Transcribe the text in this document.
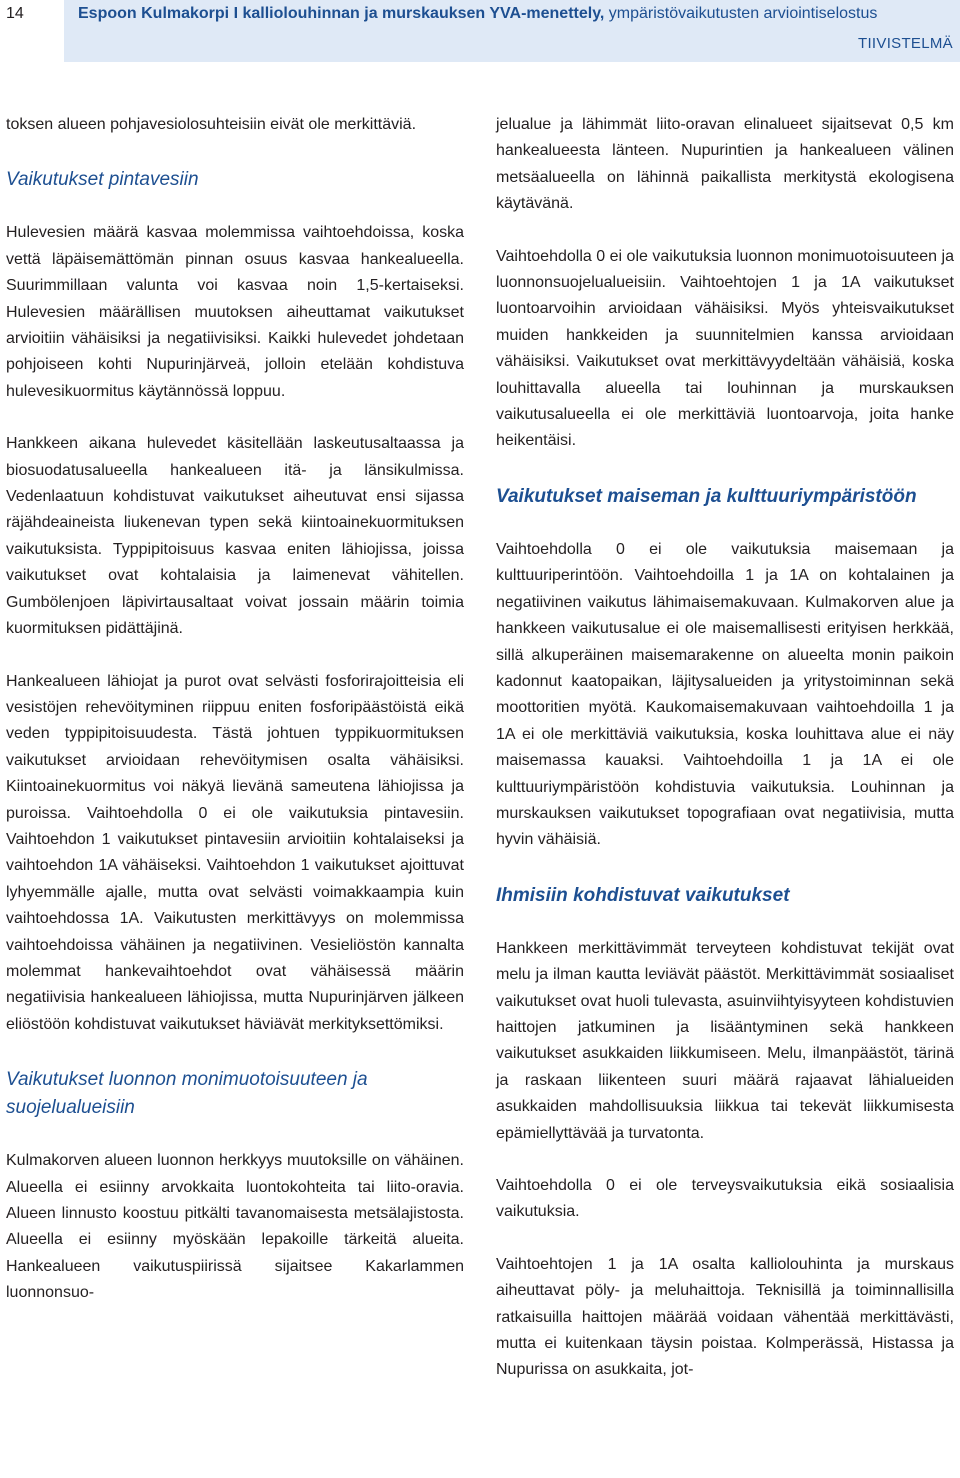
14	Espoon Kulmakorpi I kalliolouhinnan ja murskauksen YVA-menettely, ympäristövaikutusten arviointiselostus
TIIVISTELMÄ

toksen alueen pohjavesiolosuhteisiin eivät ole merkittäviä.

Vaikutukset pintavesiin

Hulevesien määrä kasvaa molemmissa vaihtoehdoissa, koska vettä läpäisemättömän pinnan osuus kasvaa hankealueella. Suurimmillaan valunta voi kasvaa noin 1,5-kertaiseksi. Hulevesien määrällisen muutoksen aiheuttamat vaikutukset arvioitiin vähäisiksi ja negatiivisiksi. Kaikki hulevedet johdetaan pohjoiseen kohti Nupurinjärveä, jolloin etelään kohdistuva hulevesikuormitus käytännössä loppuu.

Hankkeen aikana hulevedet käsitellään laskeutusaltaassa ja biosuodatusalueella hankealueen itä- ja länsikulmissa. Vedenlaatuun kohdistuvat vaikutukset aiheutuvat ensi sijassa räjähdeaineista liukenevan typen sekä kiintoainekuormituksen vaikutuksista. Typpipitoisuus kasvaa eniten lähiojissa, joissa vaikutukset ovat kohtalaisia ja laimenevat vähitellen. Gumbölenjoen läpivirtausaltaat voivat jossain määrin toimia kuormituksen pidättäjinä.

Hankealueen lähiojat ja purot ovat selvästi fosforirajoitteisia eli vesistöjen rehevöityminen riippuu eniten fosforipäästöistä eikä veden typpipitoisuudesta. Tästä johtuen typpikuormituksen vaikutukset arvioidaan rehevöitymisen osalta vähäisiksi. Kiintoainekuormitus voi näkyä lievänä sameutena lähiojissa ja puroissa. Vaihtoehdolla 0 ei ole vaikutuksia pintavesiin. Vaihtoehdon 1 vaikutukset pintavesiin arvioitiin kohtalaiseksi ja vaihtoehdon 1A vähäiseksi. Vaihtoehdon 1 vaikutukset ajoittuvat lyhyemmälle ajalle, mutta ovat selvästi voimakkaampia kuin vaihtoehdossa 1A. Vaikutusten merkittävyys on molemmissa vaihtoehdoissa vähäinen ja negatiivinen. Vesieliöstön kannalta molemmat hankevaihtoehdot ovat vähäisessä määrin negatiivisia hankealueen lähiojissa, mutta Nupurinjärven jälkeen eliöstöön kohdistuvat vaikutukset häviävät merkityksettömiksi.

Vaikutukset luonnon monimuotoisuuteen ja suojelualueisiin

Kulmakorven alueen luonnon herkkyys muutoksille on vähäinen. Alueella ei esiinny arvokkaita luontokohteita tai liito-oravia. Alueen linnusto koostuu pitkälti tavanomaisesta metsälajistosta. Alueella ei esiinny myöskään lepakoille tärkeitä alueita. Hankealueen vaikutuspiirissä sijaitsee Kakarlammen luonnonsuo-

jelualue ja lähimmät liito-oravan elinalueet sijaitsevat 0,5 km hankealueesta länteen. Nupurintien ja hankealueen välinen metsäalueella on lähinnä paikallista merkitystä ekologisena käytävänä.

Vaihtoehdolla 0 ei ole vaikutuksia luonnon monimuotoisuuteen ja luonnonsuojelualueisiin. Vaihtoehtojen 1 ja 1A vaikutukset luontoarvoihin arvioidaan vähäisiksi. Myös yhteisvaikutukset muiden hankkeiden ja suunnitelmien kanssa arvioidaan vähäisiksi. Vaikutukset ovat merkittävyydeltään vähäisiä, koska louhittavalla alueella tai louhinnan ja murskauksen vaikutusalueella ei ole merkittäviä luontoarvoja, joita hanke heikentäisi.

Vaikutukset maiseman ja kulttuuriympäristöön

Vaihtoehdolla 0 ei ole vaikutuksia maisemaan ja kulttuuriperintöön. Vaihtoehdoilla 1 ja 1A on kohtalainen ja negatiivinen vaikutus lähimaisemakuvaan. Kulmakorven alue ja hankkeen vaikutusalue ei ole maisemallisesti erityisen herkkää, sillä alkuperäinen maisemarakenne on alueelta monin paikoin kadonnut kaatopaikan, läjitysalueiden ja yritystoiminnan sekä moottoritien myötä. Kaukomaisemakuvaan vaihtoehdoilla 1 ja 1A ei ole merkittäviä vaikutuksia, koska louhittava alue ei näy maisemassa kauaksi. Vaihtoehdoilla 1 ja 1A ei ole kulttuuriympäristöön kohdistuvia vaikutuksia. Louhinnan ja murskauksen vaikutukset topografiaan ovat negatiivisia, mutta hyvin vähäisiä.

Ihmisiin kohdistuvat vaikutukset

Hankkeen merkittävimmät terveyteen kohdistuvat tekijät ovat melu ja ilman kautta leviävät päästöt. Merkittävimmät sosiaaliset vaikutukset ovat huoli tulevasta, asuinviihtyisyyteen kohdistuvien haittojen jatkuminen ja lisääntyminen sekä hankkeen vaikutukset asukkaiden liikkumiseen. Melu, ilmanpäästöt, tärinä ja raskaan liikenteen suuri määrä rajaavat lähialueiden asukkaiden mahdollisuuksia liikkua tai tekevät liikkumisesta epämiellyttävää ja turvatonta.

Vaihtoehdolla 0 ei ole terveysvaikutuksia eikä sosiaalisia vaikutuksia.

Vaihtoehtojen 1 ja 1A osalta kalliolouhinta ja murskaus aiheuttavat pöly- ja meluhaittoja. Teknisillä ja toiminnallisilla ratkaisuilla haittojen määrää voidaan vähentää merkittävästi, mutta ei kuitenkaan täysin poistaa. Kolmperässä, Histassa ja Nupurissa on asukkaita, jot-
